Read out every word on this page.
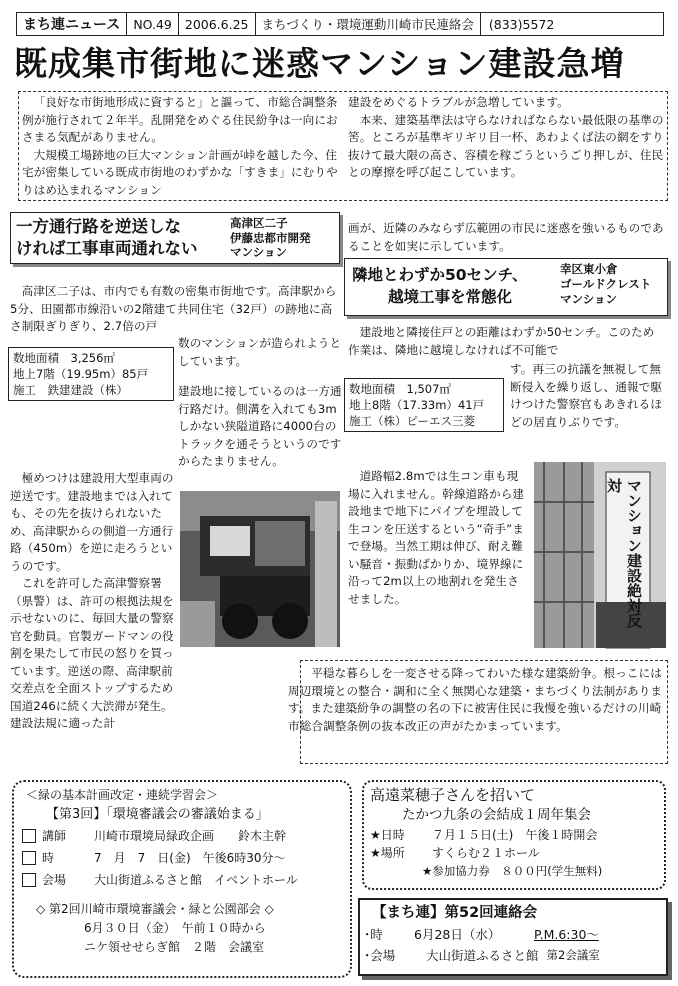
まち連ニュース	NO.49	2006.6.25	まちづくり・環境運動川崎市民連絡会	(833)5572
既成集市街地に迷惑マンション建設急増

「良好な市街地形成に資すると」と謳って、市総合調整条例が施行されて２年半。乱開発をめぐる住民紛争は一向におさまる気配がありません。

大規模工場跡地の巨大マンション計画が峠を越した今、住宅が密集している既成市街地のわずかな「すきま」にむりやりはめ込まれるマンション

建設をめぐるトラブルが急増しています。

本来、建築基準法は守らなければならない最低限の基準の筈。ところが基準ギリギリ目一杯、あわよくば法の網をすり抜けて最大限の高さ、容積を稼ごうというごり押しが、住民との摩擦を呼び起こしています。

一方通行路を逆送しな
ければ工事車両通れない
高津区二子
伊藤忠都市開発
マンション

高津区二子は、市内でも有数の密集市街地です。高津駅から5分、田園都市線沿いの2階建て共同住宅（32戸）の跡地に高さ制限ぎりぎり、2.7倍の戸

数のマンションが造られようとしています。

数地面積　3,256㎡
地上7階（19.95m）85戸
施工　鉄建建設（株）	建設地に接しているのは一方通行路だけ。側溝を入れても3mしかない狭隘道路に4000台のトラックを通そうというのですからたまりません。

極めつけは建設用大型車両の逆送です。建設地までは入れても、その先を抜けられないため、高津駅からの側道一方通行路（450m）を逆に走ろうというのです。

これを許可した高津警察署（県警）は、許可の根拠法規を示せないのに、毎回大量の警察官を動員。官製ガードマンの役割を果たして市民の怒りを買っています。逆送の際、高津駅前交差点を全面ストップするため国道246に続く大渋滞が発生。建設法規に適った計

画が、近隣のみならず広範囲の市民に迷惑を強いるものであることを如実に示しています。
隣地とわずか50センチ、
越境工事を常態化
幸区東小倉
ゴールドクレスト
マンション

建設地と隣接住戸との距離はわずか50センチ。このため作業は、隣地に越境しなければ不可能で

数地面積　1,507㎡
地上8階（17.33m）41戸
施工（株）ピーエス三菱

す。再三の抗議を無視して無断侵入を繰り返し、通報で駆けつけた警察官もあきれるほどの居直りぶりです。

道路幅2.8mでは生コン車も現場に入れません。幹線道路から建設地まで地下にパイプを埋設して生コンを圧送するという“奇手”まで登場。当然工期は伸び、耐え難い騒音・振動ばかりか、境界線に沿って2m以上の地割れを発生させました。	マンション建設絶対反対
平穏な暮らしを一変させる降ってわいた様な建築紛争。根っこには周辺環境との整合・調和に全く無関心な建築・まちづくり法制があります。また建築紛争の調整の名の下に被害住民に我慢を強いるだけの川崎市総合調整条例の抜本改正の声がたかまっています。
＜緑の基本計画改定・連続学習会＞
【第3回】「環境審議会の審議始まる」
講師	川崎市環境局緑政企画　　鈴木主幹
時	7　月　7　日(金)　午後6時30分～
会場	大山街道ふるさと館　イベントホール
◇ 第2回川崎市環境審議会・緑と公園部会 ◇
6月３０日（金）　午前１０時から
ニケ領せせらぎ館　２階　会議室
高遠菜穂子さんを招いて
たかつ九条の会結成１周年集会
★日時	７月１５日(土)　午後１時開会
★場所	すくらむ２１ホール
★参加協力券　８００円(学生無料)
【まち連】第52回連絡会
･時	6月28日（水）	P.M.6:30～
･会場	大山街道ふるさと館 第2会議室
